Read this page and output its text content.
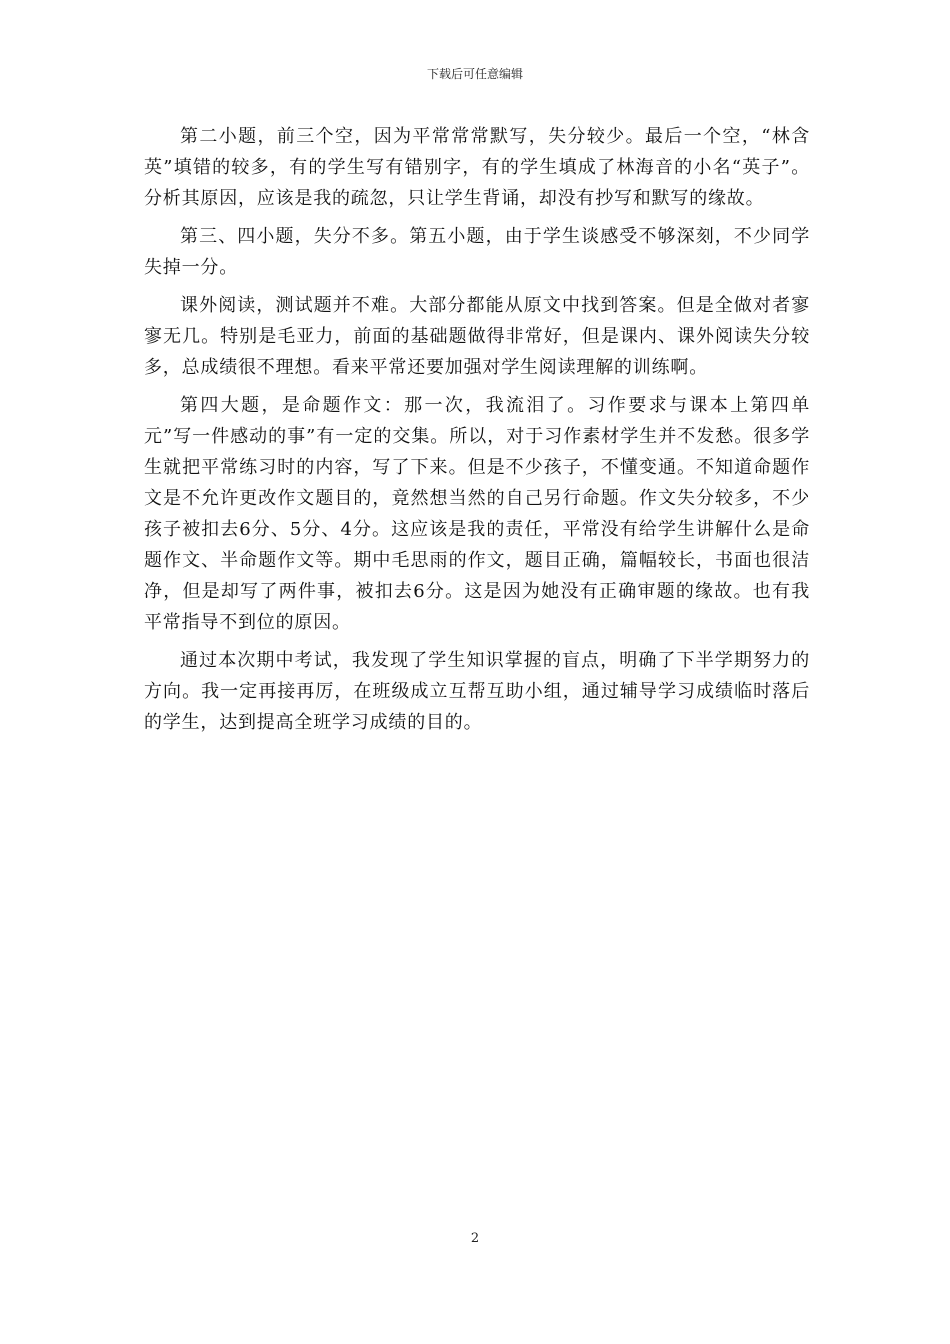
下载后可任意编辑

第二小题，前三个空，因为平常常常默写，失分较少。最后一个空，“林含英”填错的较多，有的学生写有错别字，有的学生填成了林海音的小名“英子”。分析其原因，应该是我的疏忽，只让学生背诵，却没有抄写和默写的缘故。

第三、四小题，失分不多。第五小题，由于学生谈感受不够深刻，不少同学失掉一分。

课外阅读，测试题并不难。大部分都能从原文中找到答案。但是全做对者寥寥无几。特别是毛亚力，前面的基础题做得非常好，但是课内、课外阅读失分较多，总成绩很不理想。看来平常还要加强对学生阅读理解的训练啊。

第四大题，是命题作文：那一次，我流泪了。习作要求与课本上第四单元”写一件感动的事”有一定的交集。所以，对于习作素材学生并不发愁。很多学生就把平常练习时的内容，写了下来。但是不少孩子，不懂变通。不知道命题作文是不允许更改作文题目的，竟然想当然的自己另行命题。作文失分较多，不少孩子被扣去6分、5分、4分。这应该是我的责任，平常没有给学生讲解什么是命题作文、半命题作文等。期中毛思雨的作文，题目正确，篇幅较长，书面也很洁净，但是却写了两件事，被扣去6分。这是因为她没有正确审题的缘故。也有我平常指导不到位的原因。

通过本次期中考试，我发现了学生知识掌握的盲点，明确了下半学期努力的方向。我一定再接再厉，在班级成立互帮互助小组，通过辅导学习成绩临时落后的学生，达到提高全班学习成绩的目的。

2
